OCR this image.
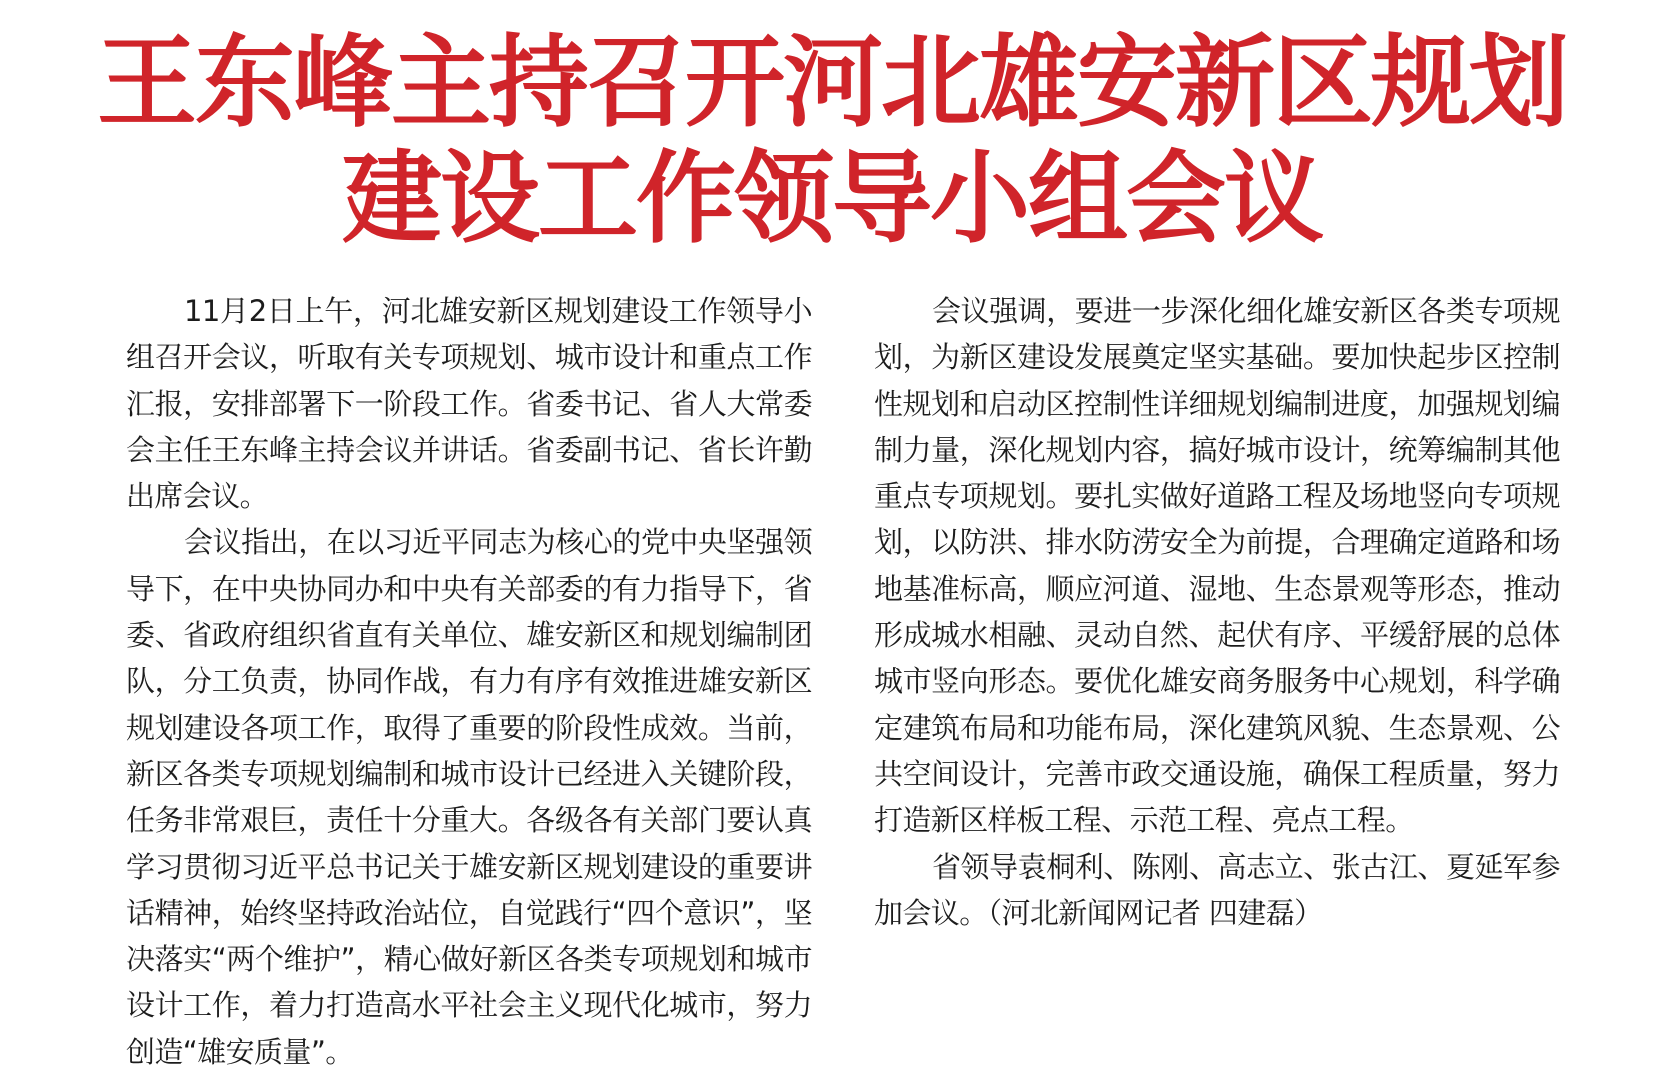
王东峰主持召开河北雄安新区规划
建设工作领导小组会议

11月2日上午，河北雄安新区规划建设工作领导小组召开会议，听取有关专项规划、城市设计和重点工作汇报，安排部署下一阶段工作。省委书记、省人大常委会主任王东峰主持会议并讲话。省委副书记、省长许勤出席会议。

会议指出，在以习近平同志为核心的党中央坚强领导下，在中央协同办和中央有关部委的有力指导下，省委、省政府组织省直有关单位、雄安新区和规划编制团队，分工负责，协同作战，有力有序有效推进雄安新区规划建设各项工作，取得了重要的阶段性成效。当前，新区各类专项规划编制和城市设计已经进入关键阶段，任务非常艰巨，责任十分重大。各级各有关部门要认真学习贯彻习近平总书记关于雄安新区规划建设的重要讲话精神，始终坚持政治站位，自觉践行“四个意识”，坚决落实“两个维护”，精心做好新区各类专项规划和城市设计工作，着力打造高水平社会主义现代化城市，努力创造“雄安质量”。

会议强调，要进一步深化细化雄安新区各类专项规划，为新区建设发展奠定坚实基础。要加快起步区控制性规划和启动区控制性详细规划编制进度，加强规划编制力量，深化规划内容，搞好城市设计，统筹编制其他重点专项规划。要扎实做好道路工程及场地竖向专项规划，以防洪、排水防涝安全为前提，合理确定道路和场地基准标高，顺应河道、湿地、生态景观等形态，推动形成城水相融、灵动自然、起伏有序、平缓舒展的总体城市竖向形态。要优化雄安商务服务中心规划，科学确定建筑布局和功能布局，深化建筑风貌、生态景观、公共空间设计，完善市政交通设施，确保工程质量，努力打造新区样板工程、示范工程、亮点工程。

省领导袁桐利、陈刚、高志立、张古江、夏延军参加会议。（河北新闻网记者 四建磊）
